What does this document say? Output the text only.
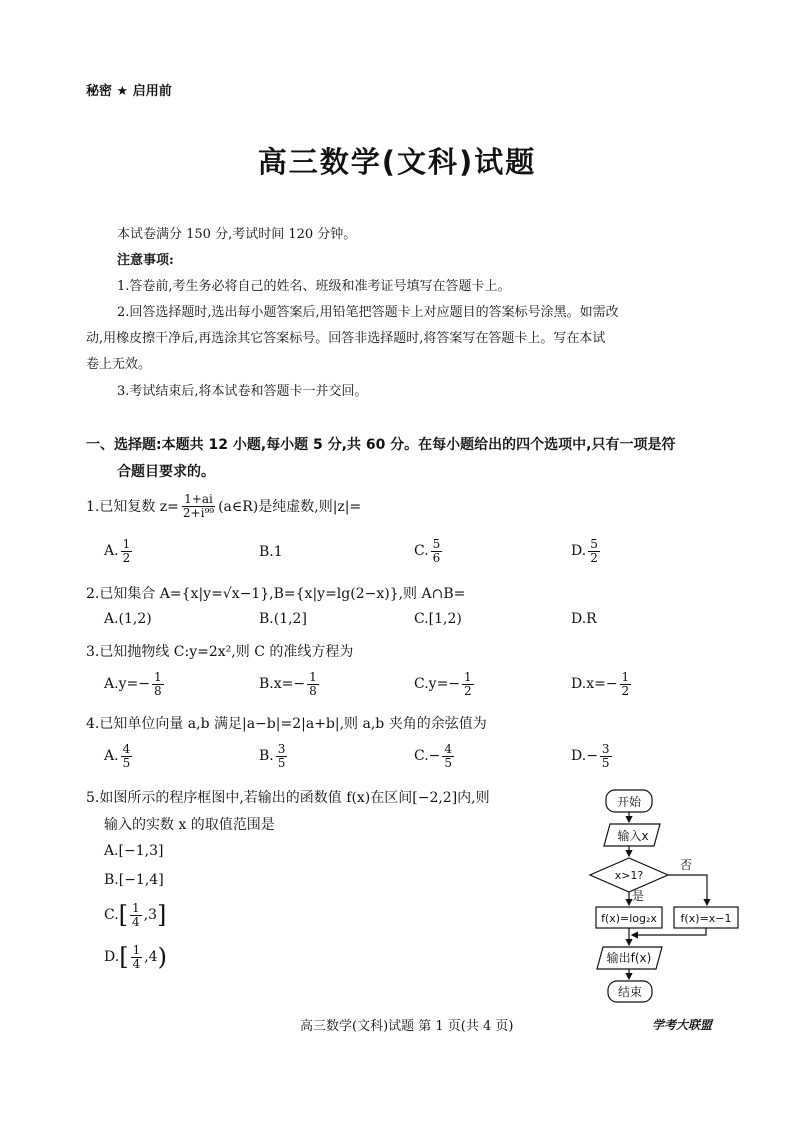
秘密 ★ 启用前
高三数学(文科)试题
本试卷满分 150 分,考试时间 120 分钟。
注意事项:
1.答卷前,考生务必将自己的姓名、班级和准考证号填写在答题卡上。
2.回答选择题时,选出每小题答案后,用铅笔把答题卡上对应题目的答案标号涂黑。如需改
动,用橡皮擦干净后,再选涂其它答案标号。回答非选择题时,将答案写在答题卡上。写在本试
卷上无效。
3.考试结束后,将本试卷和答题卡一并交回。
一、选择题:本题共 12 小题,每小题 5 分,共 60 分。在每小题给出的四个选项中,只有一项是符
合题目要求的。
1.已知复数 $z= \frac{1+ai}{\text{2+i⁹⁹}}$ (a∈R)是纯虚数,则|z|=
A. $\frac{1}{2}$	B. 1	C. $\frac{5}{6}$	D. $\frac{5}{2}$
2.已知集合 A={x|y=√x−1},B={x|y=lg(2−x)},则 A∩B=
A.(1,2)	B.(1,2]	C.[1,2)	D.R
3.已知抛物线 C:y=2x²,则 C 的准线方程为
A. $y=- \frac{1}{8}$	B. $x=- \frac{1}{8}$	C. $y=- \frac{1}{2}$	D. $x=- \frac{1}{2}$
4.已知单位向量 a,b 满足|a−b|=2|a+b|,则 a,b 夹角的余弦值为
A. $\frac{4}{5}$	B. $\frac{3}{5}$	C. − $\frac{4}{5}$	D. − $\frac{3}{5}$
5.如图所示的程序框图中,若输出的函数值 f(x)在区间[−2,2]内,则
输入的实数 x 的取值范围是
A.[−1,3]
B.[−1,4]
C. [ $\frac{1}{4} ,3$ ]
D. [ $\frac{1}{4} ,4$ )
开始
输入x
x>1?
否
是
f(x)=log₂x f(x)=x−1
输出f(x)
结束
高三数学(文科)试题 第 1 页(共 4 页)	学考大联盟
